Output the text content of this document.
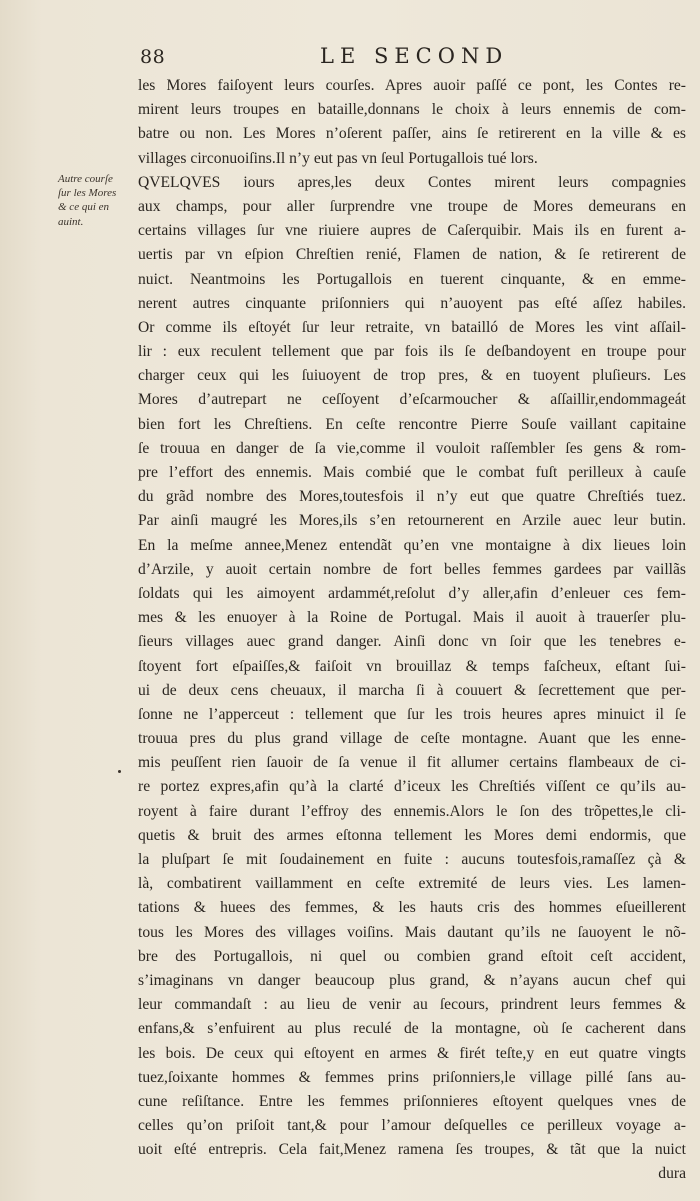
88	LE SECOND
Autre courſe
ſur les Mores
& ce qui en
auint.
les Mores faiſoyent leurs courſes. Apres auoir paſſé ce pont, les Contes re-
mirent leurs troupes en bataille,donnans le choix à leurs ennemis de com-
batre ou non. Les Mores n’oſerent paſſer, ains ſe retirerent en la ville & es
villages circonuoiſins.Il n’y eut pas vn ſeul Portugallois tué lors.
QVELQVES iours apres,les deux Contes mirent leurs compagnies
aux champs, pour aller ſurprendre vne troupe de Mores demeurans en
certains villages ſur vne riuiere aupres de Caſerquibir. Mais ils en furent a-
uertis par vn eſpion Chreſtien renié, Flamen de nation, & ſe retirerent de
nuict. Neantmoins les Portugallois en tuerent cinquante, & en emme-
nerent autres cinquante priſonniers qui n’auoyent pas eſté aſſez habiles.
Or comme ils eſtoyét ſur leur retraite, vn batailló de Mores les vint aſſail-
lir : eux reculent tellement que par fois ils ſe deſbandoyent en troupe pour
charger ceux qui les ſuiuoyent de trop pres, & en tuoyent pluſieurs. Les
Mores d’autrepart ne ceſſoyent d’eſcarmoucher & aſſaillir,endommageát
bien fort les Chreſtiens. En ceſte rencontre Pierre Souſe vaillant capitaine
ſe trouua en danger de ſa vie,comme il vouloit raſſembler ſes gens & rom-
pre l’effort des ennemis. Mais combié que le combat fuſt perilleux à cauſe
du grãd nombre des Mores,toutesfois il n’y eut que quatre Chreſtiés tuez.
Par ainſi maugré les Mores,ils s’en retournerent en Arzile auec leur butin.
En la meſme annee,Menez entendãt qu’en vne montaigne à dix lieues loin
d’Arzile, y auoit certain nombre de fort belles femmes gardees par vaillãs
ſoldats qui les aimoyent ardammét,reſolut d’y aller,afin d’enleuer ces fem-
mes & les enuoyer à la Roine de Portugal. Mais il auoit à trauerſer plu-
ſieurs villages auec grand danger. Ainſi donc vn ſoir que les tenebres e-
ſtoyent fort eſpaiſſes,& faiſoit vn brouillaz & temps faſcheux, eſtant ſui-
ui de deux cens cheuaux, il marcha ſi à couuert & ſecrettement que per-
ſonne ne l’apperceut : tellement que ſur les trois heures apres minuict il ſe
trouua pres du plus grand village de ceſte montagne. Auant que les enne-
mis peuſſent rien ſauoir de ſa venue il fit allumer certains flambeaux de ci-
re portez expres,afin qu’à la clarté d’iceux les Chreſtiés viſſent ce qu’ils au-
royent à faire durant l’effroy des ennemis.Alors le ſon des trõpettes,le cli-
quetis & bruit des armes eſtonna tellement les Mores demi endormis, que
la pluſpart ſe mit ſoudainement en fuite : aucuns toutesfois,ramaſſez çà &
là, combatirent vaillamment en ceſte extremité de leurs vies. Les lamen-
tations & huees des femmes, & les hauts cris des hommes eſueillerent
tous les Mores des villages voiſins. Mais dautant qu’ils ne ſauoyent le nõ-
bre des Portugallois, ni quel ou combien grand eſtoit ceſt accident,
s’imaginans vn danger beaucoup plus grand, & n’ayans aucun chef qui
leur commandaſt : au lieu de venir au ſecours, prindrent leurs femmes &
enfans,& s’enfuirent au plus reculé de la montagne, où ſe cacherent dans
les bois. De ceux qui eſtoyent en armes & firét teſte,y en eut quatre vingts
tuez,ſoixante hommes & femmes prins priſonniers,le village pillé ſans au-
cune reſiſtance. Entre les femmes priſonnieres eſtoyent quelques vnes de
celles qu’on priſoit tant,& pour l’amour deſquelles ce perilleux voyage a-
uoit eſté entrepris. Cela fait,Menez ramena ſes troupes, & tãt que la nuict
dura
